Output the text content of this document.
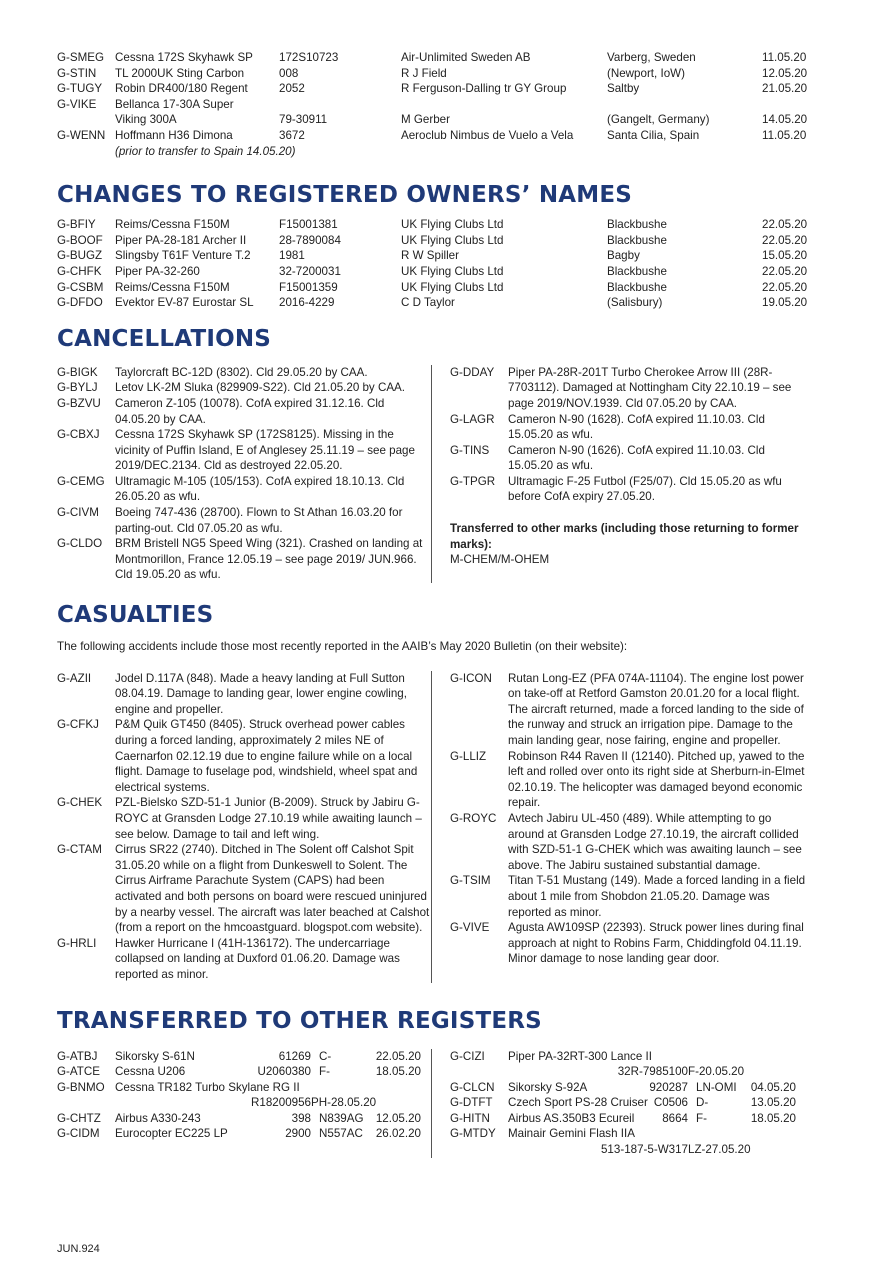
G-SMEG Cessna 172S Skyhawk SP	172S10723	Air-Unlimited Sweden AB	Varberg, Sweden	11.05.20
G-STIN	TL 2000UK Sting Carbon	008	R J Field	(Newport, IoW)	12.05.20
G-TUGY	Robin DR400/180 Regent	2052	R Ferguson-Dalling tr GY Group	Saltby	21.05.20
G-VIKE	Bellanca 17-30A Super
Viking 300A	79-30911	M Gerber	(Gangelt, Germany)	14.05.20
G-WENN Hoffmann H36 Dimona	3672	Aeroclub Nimbus de Vuelo a Vela	Santa Cilia, Spain	11.05.20
(prior to transfer to Spain 14.05.20)
CHANGES TO REGISTERED OWNERS’ NAMES
G-BFIY	Reims/Cessna F150M	F15001381	UK Flying Clubs Ltd	Blackbushe	22.05.20
G-BOOF	Piper PA-28-181 Archer II	28-7890084	UK Flying Clubs Ltd	Blackbushe	22.05.20
G-BUGZ	Slingsby T61F Venture T.2	1981	R W Spiller	Bagby	15.05.20
G-CHFK	Piper PA-32-260	32-7200031	UK Flying Clubs Ltd	Blackbushe	22.05.20
G-CSBM	Reims/Cessna F150M	F15001359	UK Flying Clubs Ltd	Blackbushe	22.05.20
G-DFDO	Evektor EV-87 Eurostar SL	2016-4229	C D Taylor	(Salisbury)	19.05.20
CANCELLATIONS
G-BIGK	Taylorcraft BC-12D (8302). Cld 29.05.20 by CAA.
G-BYLJ	Letov LK-2M Sluka (829909-S22). Cld 21.05.20 by CAA.
G-BZVU	Cameron Z-105 (10078). CofA expired 31.12.16. Cld 04.05.20 by CAA.
G-CBXJ	Cessna 172S Skyhawk SP (172S8125). Missing in the vicinity of Puffin Island, E of Anglesey 25.11.19 – see page 2019/DEC.2134. Cld as destroyed 22.05.20.
G-CEMG Ultramagic M-105 (105/153). CofA expired 18.10.13. Cld 26.05.20 as wfu.
G-CIVM	Boeing 747-436 (28700). Flown to St Athan 16.03.20 for parting-out. Cld 07.05.20 as wfu.
G-CLDO	BRM Bristell NG5 Speed Wing (321). Crashed on landing at Montmorillon, France 12.05.19 – see page 2019/ JUN.966. Cld 19.05.20 as wfu.
G-DDAY	Piper PA-28R-201T Turbo Cherokee Arrow III (28R-7703112). Damaged at Nottingham City 22.10.19 – see page 2019/NOV.1939. Cld 07.05.20 by CAA.
G-LAGR	Cameron N-90 (1628). CofA expired 11.10.03. Cld 15.05.20 as wfu.
G-TINS	Cameron N-90 (1626). CofA expired 11.10.03. Cld 15.05.20 as wfu.
G-TPGR	Ultramagic F-25 Futbol (F25/07). Cld 15.05.20 as wfu before CofA expiry 27.05.20.

Transferred to other marks (including those returning to former marks):

M-CHEM/M-OHEM

CASUALTIES

The following accidents include those most recently reported in the AAIB’s May 2020 Bulletin (on their website):

G-AZII	Jodel D.117A (848). Made a heavy landing at Full Sutton 08.04.19. Damage to landing gear, lower engine cowling, engine and propeller.
G-CFKJ	P&M Quik GT450 (8405). Struck overhead power cables during a forced landing, approximately 2 miles NE of Caernarfon 02.12.19 due to engine failure while on a local flight. Damage to fuselage pod, windshield, wheel spat and electrical systems.
G-CHEK	PZL-Bielsko SZD-51-1 Junior (B-2009). Struck by Jabiru G-ROYC at Gransden Lodge 27.10.19 while awaiting launch – see below. Damage to tail and left wing.
G-CTAM	Cirrus SR22 (2740). Ditched in The Solent off Calshot Spit 31.05.20 while on a flight from Dunkeswell to Solent. The Cirrus Airframe Parachute System (CAPS) had been activated and both persons on board were rescued uninjured by a nearby vessel. The aircraft was later beached at Calshot (from a report on the hmcoastguard. blogspot.com website).
G-HRLI	Hawker Hurricane I (41H-136172). The undercarriage collapsed on landing at Duxford 01.06.20. Damage was reported as minor.
G-ICON	Rutan Long-EZ (PFA 074A-11104). The engine lost power on take-off at Retford Gamston 20.01.20 for a local flight. The aircraft returned, made a forced landing to the side of the runway and struck an irrigation pipe. Damage to the main landing gear, nose fairing, engine and propeller.
G-LLIZ	Robinson R44 Raven II (12140). Pitched up, yawed to the left and rolled over onto its right side at Sherburn-in-Elmet 02.10.19. The helicopter was damaged beyond economic repair.
G-ROYC	Avtech Jabiru UL-450 (489). While attempting to go around at Gransden Lodge 27.10.19, the aircraft collided with SZD-51-1 G-CHEK which was awaiting launch – see above. The Jabiru sustained substantial damage.
G-TSIM	Titan T-51 Mustang (149). Made a forced landing in a field about 1 mile from Shobdon 21.05.20. Damage was reported as minor.
G-VIVE	Agusta AW109SP (22393). Struck power lines during final approach at night to Robins Farm, Chiddingfold 04.11.19. Minor damage to nose landing gear door.
TRANSFERRED TO OTHER REGISTERS
G-ATBJ	Sikorsky S-61N	61269 C-	22.05.20
G-ATCE	Cessna U206	U2060380 F-	18.05.20
G-BNMO Cessna TR182 Turbo Skylane RG II
R18200956 PH- 28.05.20
G-CHTZ	Airbus A330-243	398 N839AG	12.05.20
G-CIDM	Eurocopter EC225 LP	2900 N557AC	26.02.20
G-CIZI	Piper PA-32RT-300 Lance II
32R-7985100 F- 20.05.20
G-CLCN	Sikorsky S-92A	920287 LN-OMI	04.05.20
G-DTFT	Czech Sport PS-28 Cruiser C0506 D-	13.05.20
G-HITN	Airbus AS.350B3 Ecureil	8664 F-	18.05.20
G-MTDY	Mainair Gemini Flash IIA
513-187-5-W317 LZ- 27.05.20
JUN.924
